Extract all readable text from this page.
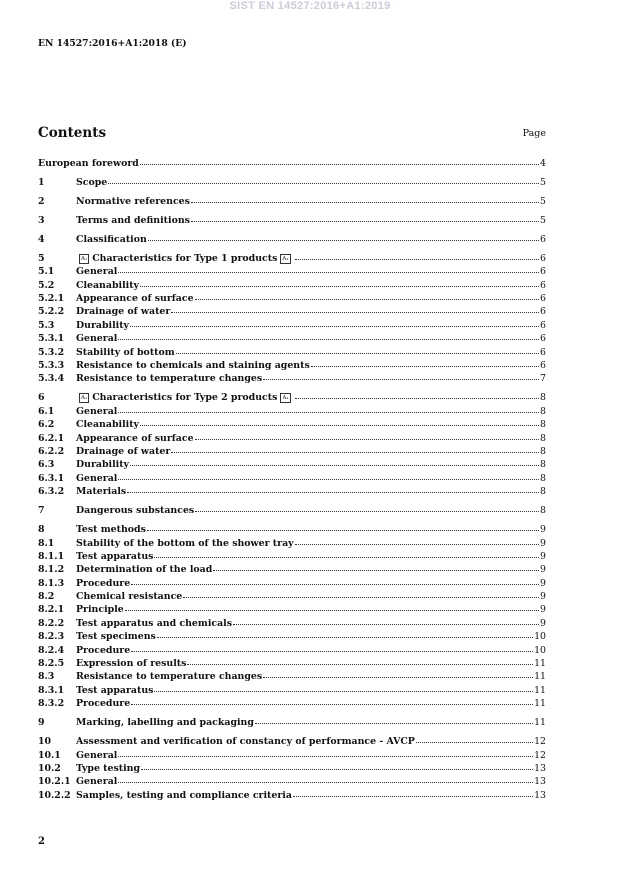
SIST EN 14527:2016+A1:2019
EN 14527:2016+A1:2018 (E)
Contents	Page
European foreword	4
1	Scope	5
2	Normative references	5
3	Terms and definitions	5
4	Classification	6
5	A₁ Characteristics for Type 1 products A₁	6
5.1	General	6
5.2	Cleanability	6
5.2.1	Appearance of surface	6
5.2.2	Drainage of water	6
5.3	Durability	6
5.3.1	General	6
5.3.2	Stability of bottom	6
5.3.3	Resistance to chemicals and staining agents	6
5.3.4	Resistance to temperature changes	7
6	A₁ Characteristics for Type 2 products A₁	8
6.1	General	8
6.2	Cleanability	8
6.2.1	Appearance of surface	8
6.2.2	Drainage of water	8
6.3	Durability	8
6.3.1	General	8
6.3.2	Materials	8
7	Dangerous substances	8
8	Test methods	9
8.1	Stability of the bottom of the shower tray	9
8.1.1	Test apparatus	9
8.1.2	Determination of the load	9
8.1.3	Procedure	9
8.2	Chemical resistance	9
8.2.1	Principle	9
8.2.2	Test apparatus and chemicals	9
8.2.3	Test specimens	10
8.2.4	Procedure	10
8.2.5	Expression of results	11
8.3	Resistance to temperature changes	11
8.3.1	Test apparatus	11
8.3.2	Procedure	11
9	Marking, labelling and packaging	11
10	Assessment and verification of constancy of performance - AVCP	12
10.1	General	12
10.2	Type testing	13
10.2.1 General	13
10.2.2 Samples, testing and compliance criteria	13
2
